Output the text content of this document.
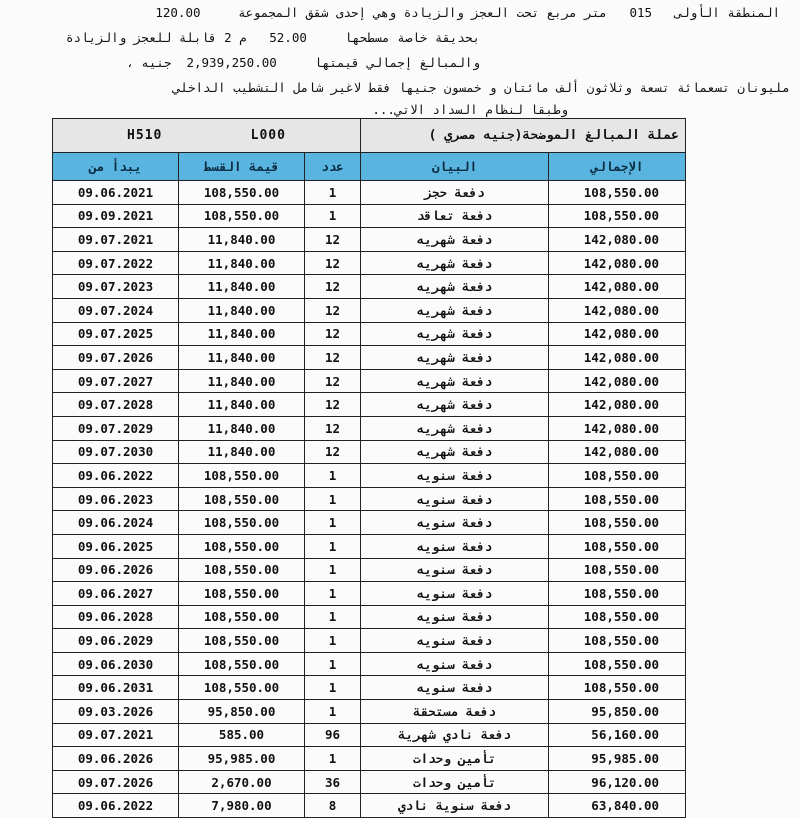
المنطقة الأولى   015   متر مربع تحت العجز والزيادة وهي إحدى شقق المجموعة     120.00
بحديقة خاصة مسطحها     52.00   م 2 قابلة للعجز والزيادة
والمبالغ إجمالي قيمتها     2,939,250.00  جنيه ،
مليونان تسعمائة تسعة وثلاثون ألف مائتان و خمسون جنيها فقط لاغير شامل التشطيب الداخلي
وطبقا لنظام السداد الاتي...
H510 L000			عملة المبالغ الموضحة(جنيه مصري )	
يبدأ من	قيمة القسط	عدد	البيان	الإجمالي
09.06.2021	108,550.00	1	دفعة حجز	108,550.00
09.09.2021	108,550.00	1	دفعة تعاقد	108,550.00
09.07.2021	11,840.00	12	دفعة شهريه	142,080.00
09.07.2022	11,840.00	12	دفعة شهريه	142,080.00
09.07.2023	11,840.00	12	دفعة شهريه	142,080.00
09.07.2024	11,840.00	12	دفعة شهريه	142,080.00
09.07.2025	11,840.00	12	دفعة شهريه	142,080.00
09.07.2026	11,840.00	12	دفعة شهريه	142,080.00
09.07.2027	11,840.00	12	دفعة شهريه	142,080.00
09.07.2028	11,840.00	12	دفعة شهريه	142,080.00
09.07.2029	11,840.00	12	دفعة شهريه	142,080.00
09.07.2030	11,840.00	12	دفعة شهريه	142,080.00
09.06.2022	108,550.00	1	دفعة سنويه	108,550.00
09.06.2023	108,550.00	1	دفعة سنويه	108,550.00
09.06.2024	108,550.00	1	دفعة سنويه	108,550.00
09.06.2025	108,550.00	1	دفعة سنويه	108,550.00
09.06.2026	108,550.00	1	دفعة سنويه	108,550.00
09.06.2027	108,550.00	1	دفعة سنويه	108,550.00
09.06.2028	108,550.00	1	دفعة سنويه	108,550.00
09.06.2029	108,550.00	1	دفعة سنويه	108,550.00
09.06.2030	108,550.00	1	دفعة سنويه	108,550.00
09.06.2031	108,550.00	1	دفعة سنويه	108,550.00
09.03.2026	95,850.00	1	دفعة مستحقة	95,850.00
09.07.2021	585.00	96	دفعة نادي شهرية	56,160.00
09.06.2026	95,985.00	1	تأمين وحدات	95,985.00
09.07.2026	2,670.00	36	تأمين وحدات	96,120.00
09.06.2022	7,980.00	8	دفعة سنوية نادي	63,840.00
